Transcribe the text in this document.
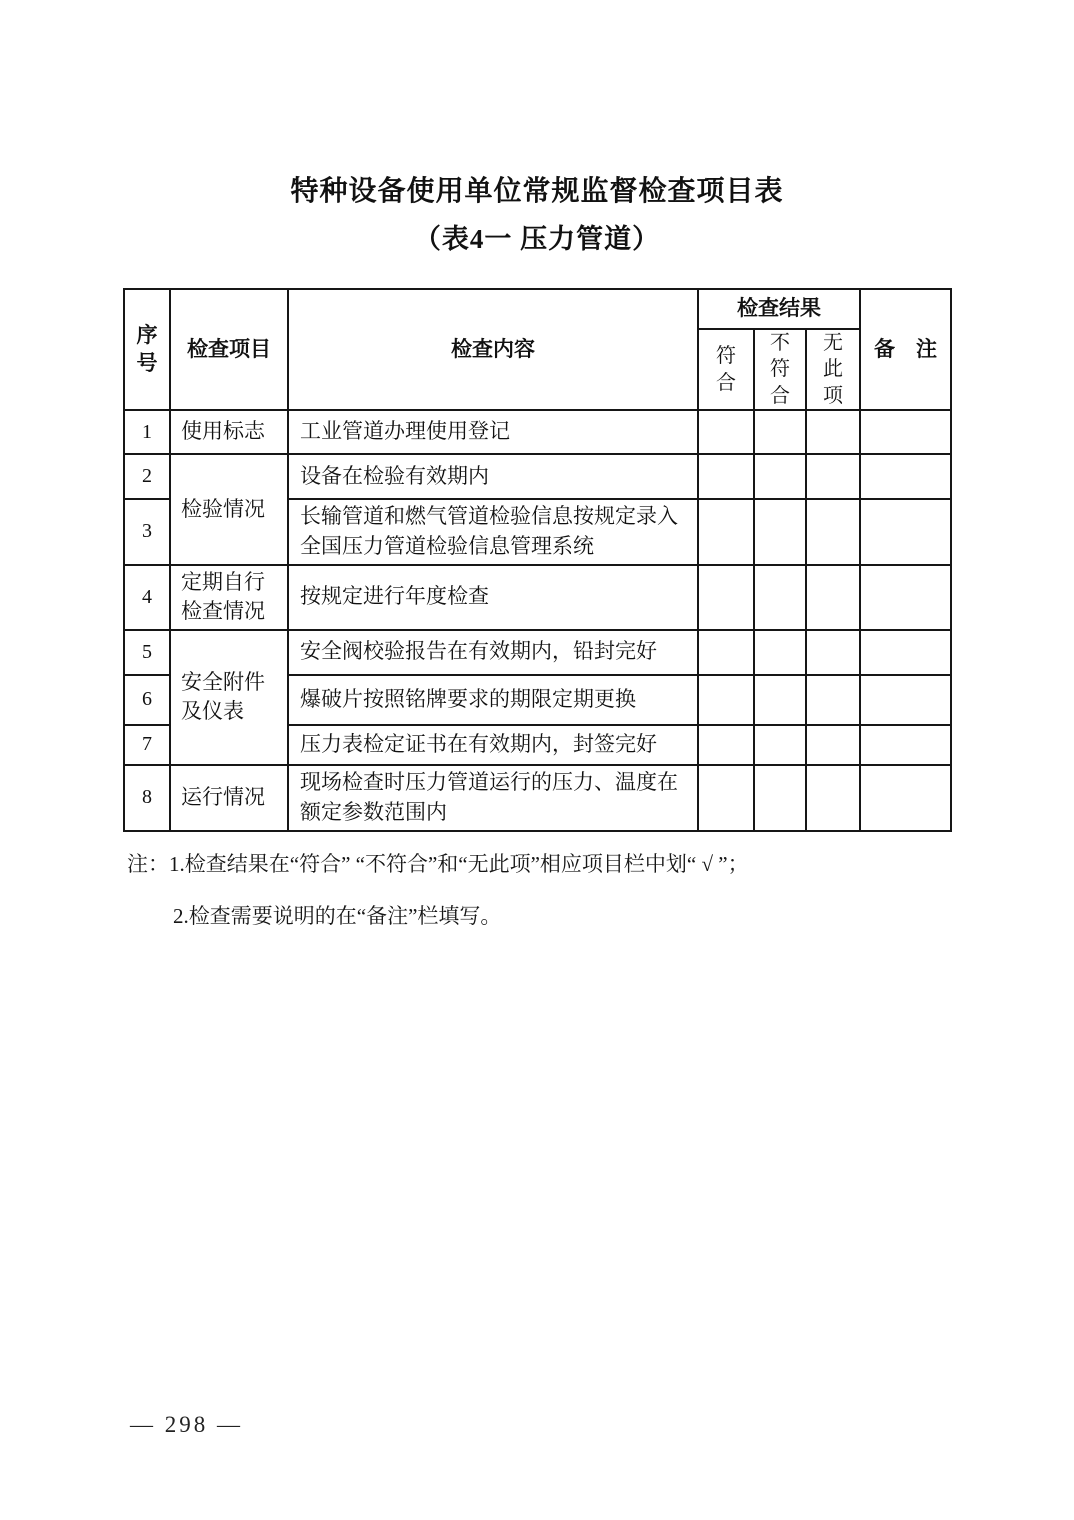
特种设备使用单位常规监督检查项目表
（表4一 压力管道）
序号	检查项目	检查内容	检查结果			备　注
			符合	不符合	无此项	
1	使用标志	工业管道办理使用登记				
2	检验情况	设备在检验有效期内				
3		长输管道和燃气管道检验信息按规定录入全国压力管道检验信息管理系统				
4	定期自行检查情况	按规定进行年度检查				
5	安全附件及仪表	安全阀校验报告在有效期内，铅封完好				
6		爆破片按照铭牌要求的期限定期更换				
7		压力表检定证书在有效期内，封签完好				
8	运行情况	现场检查时压力管道运行的压力、温度在额定参数范围内				
注：1.检查结果在“符合” “不符合”和“无此项”相应项目栏中划“ √ ”；
2.检查需要说明的在“备注”栏填写。
— 298 —
